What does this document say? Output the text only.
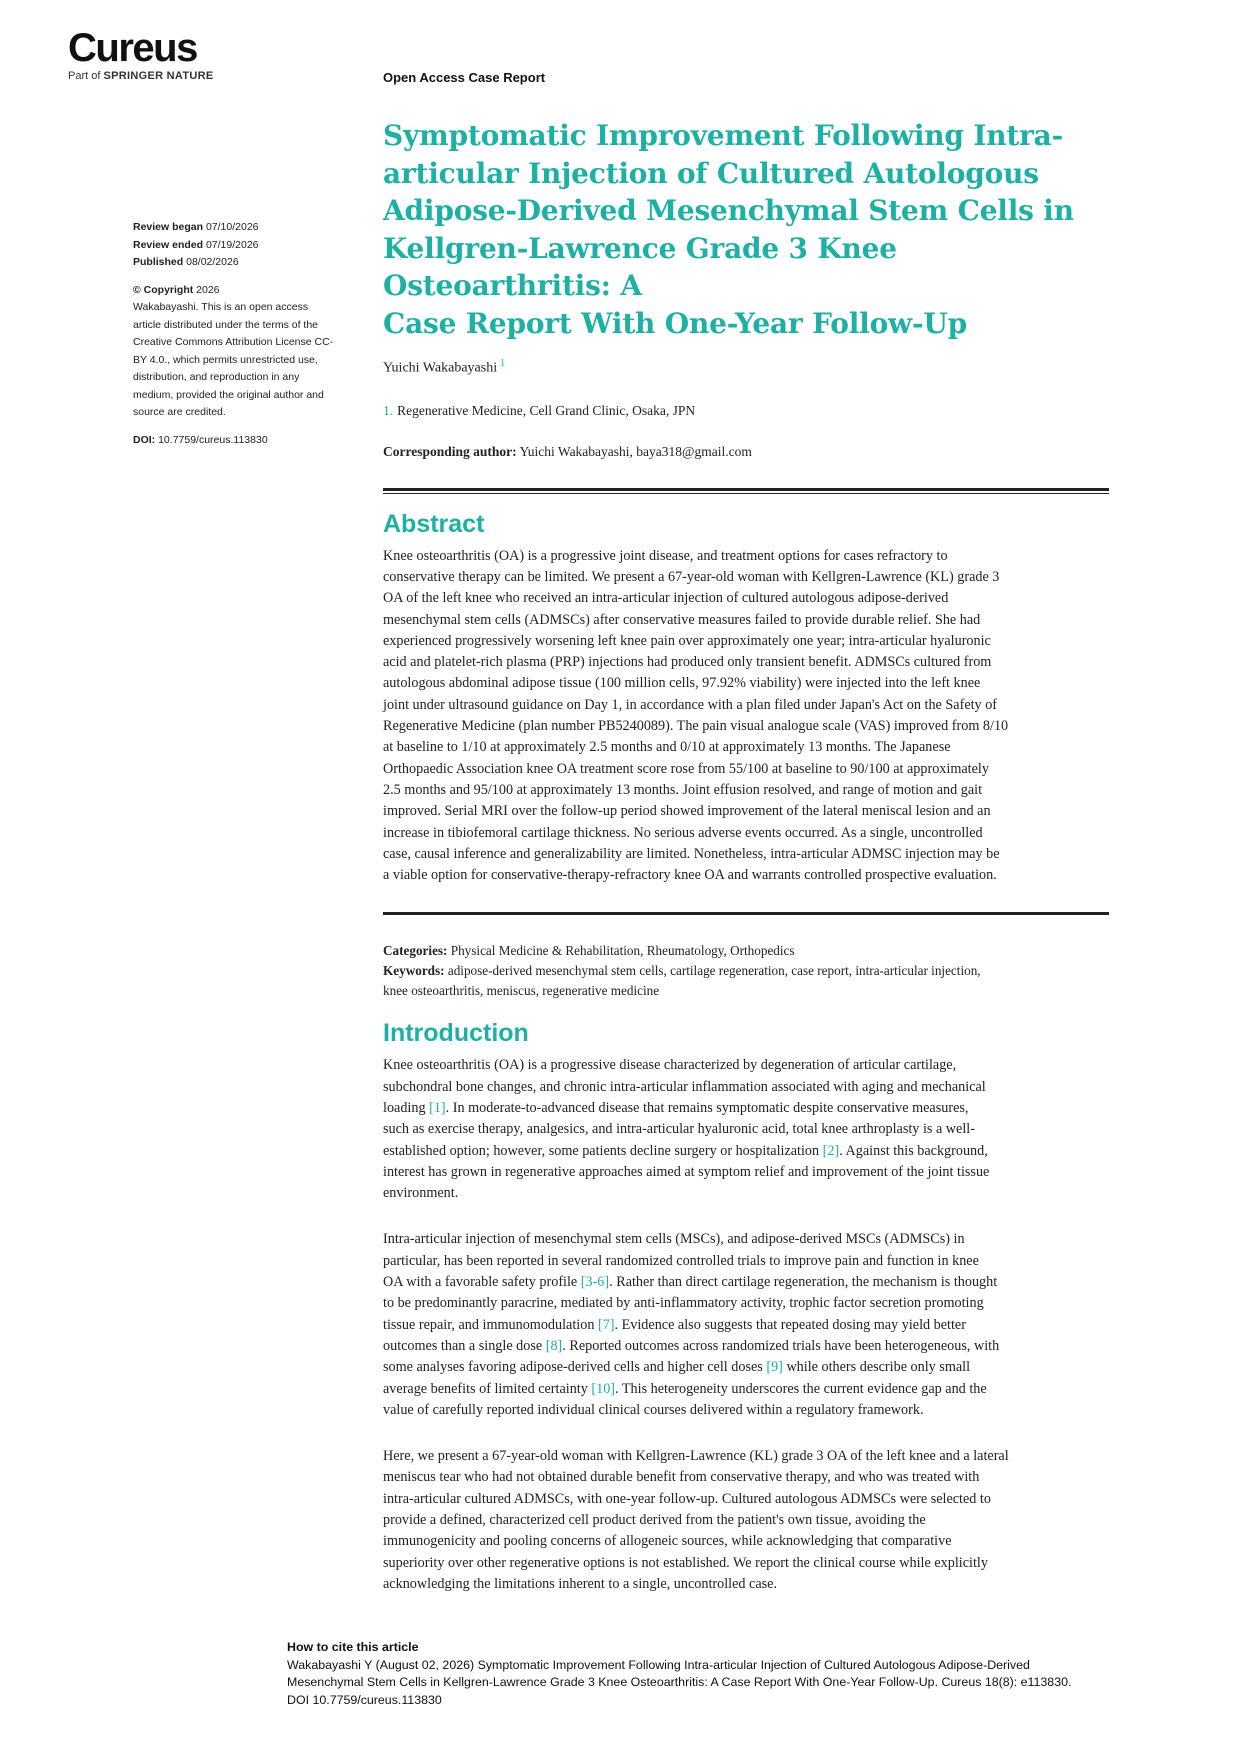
Cureus
Part of SPRINGER NATURE	Open Access Case Report
Review began 07/10/2026
Review ended 07/19/2026
Published 08/02/2026
© Copyright 2026
Wakabayashi. This is an open access
article distributed under the terms of the
Creative Commons Attribution License CC-
BY 4.0., which permits unrestricted use,
distribution, and reproduction in any
medium, provided the original author and
source are credited.
DOI: 10.7759/cureus.113830
Symptomatic Improvement Following Intra-
articular Injection of Cultured Autologous
Adipose-Derived Mesenchymal Stem Cells in
Kellgren-Lawrence Grade 3 Knee Osteoarthritis: A
Case Report With One-Year Follow-Up
Yuichi Wakabayashi $^1$
1. Regenerative Medicine, Cell Grand Clinic, Osaka, JPN
Corresponding author: Yuichi Wakabayashi, baya318@gmail.com
Abstract

Knee osteoarthritis (OA) is a progressive joint disease, and treatment options for cases refractory to
conservative therapy can be limited. We present a 67-year-old woman with Kellgren-Lawrence (KL) grade 3
OA of the left knee who received an intra-articular injection of cultured autologous adipose-derived
mesenchymal stem cells (ADMSCs) after conservative measures failed to provide durable relief. She had
experienced progressively worsening left knee pain over approximately one year; intra-articular hyaluronic
acid and platelet-rich plasma (PRP) injections had produced only transient benefit. ADMSCs cultured from
autologous abdominal adipose tissue (100 million cells, 97.92% viability) were injected into the left knee
joint under ultrasound guidance on Day 1, in accordance with a plan filed under Japan's Act on the Safety of
Regenerative Medicine (plan number PB5240089). The pain visual analogue scale (VAS) improved from 8/10
at baseline to 1/10 at approximately 2.5 months and 0/10 at approximately 13 months. The Japanese
Orthopaedic Association knee OA treatment score rose from 55/100 at baseline to 90/100 at approximately
2.5 months and 95/100 at approximately 13 months. Joint effusion resolved, and range of motion and gait
improved. Serial MRI over the follow-up period showed improvement of the lateral meniscal lesion and an
increase in tibiofemoral cartilage thickness. No serious adverse events occurred. As a single, uncontrolled
case, causal inference and generalizability are limited. Nonetheless, intra-articular ADMSC injection may be
a viable option for conservative-therapy-refractory knee OA and warrants controlled prospective evaluation.

Categories: Physical Medicine & Rehabilitation, Rheumatology, Orthopedics
Keywords: adipose-derived mesenchymal stem cells, cartilage regeneration, case report, intra-articular injection,
knee osteoarthritis, meniscus, regenerative medicine
Introduction

Knee osteoarthritis (OA) is a progressive disease characterized by degeneration of articular cartilage,
subchondral bone changes, and chronic intra-articular inflammation associated with aging and mechanical
loading [1]. In moderate-to-advanced disease that remains symptomatic despite conservative measures,
such as exercise therapy, analgesics, and intra-articular hyaluronic acid, total knee arthroplasty is a well-
established option; however, some patients decline surgery or hospitalization [2]. Against this background,
interest has grown in regenerative approaches aimed at symptom relief and improvement of the joint tissue
environment.

Intra-articular injection of mesenchymal stem cells (MSCs), and adipose-derived MSCs (ADMSCs) in
particular, has been reported in several randomized controlled trials to improve pain and function in knee
OA with a favorable safety profile [3-6]. Rather than direct cartilage regeneration, the mechanism is thought
to be predominantly paracrine, mediated by anti-inflammatory activity, trophic factor secretion promoting
tissue repair, and immunomodulation [7]. Evidence also suggests that repeated dosing may yield better
outcomes than a single dose [8]. Reported outcomes across randomized trials have been heterogeneous, with
some analyses favoring adipose-derived cells and higher cell doses [9] while others describe only small
average benefits of limited certainty [10]. This heterogeneity underscores the current evidence gap and the
value of carefully reported individual clinical courses delivered within a regulatory framework.

Here, we present a 67-year-old woman with Kellgren-Lawrence (KL) grade 3 OA of the left knee and a lateral
meniscus tear who had not obtained durable benefit from conservative therapy, and who was treated with
intra-articular cultured ADMSCs, with one-year follow-up. Cultured autologous ADMSCs were selected to
provide a defined, characterized cell product derived from the patient's own tissue, avoiding the
immunogenicity and pooling concerns of allogeneic sources, while acknowledging that comparative
superiority over other regenerative options is not established. We report the clinical course while explicitly
acknowledging the limitations inherent to a single, uncontrolled case.

How to cite this article
Wakabayashi Y (August 02, 2026) Symptomatic Improvement Following Intra-articular Injection of Cultured Autologous Adipose-Derived
Mesenchymal Stem Cells in Kellgren-Lawrence Grade 3 Knee Osteoarthritis: A Case Report With One-Year Follow-Up. Cureus 18(8): e113830.
DOI 10.7759/cureus.113830
